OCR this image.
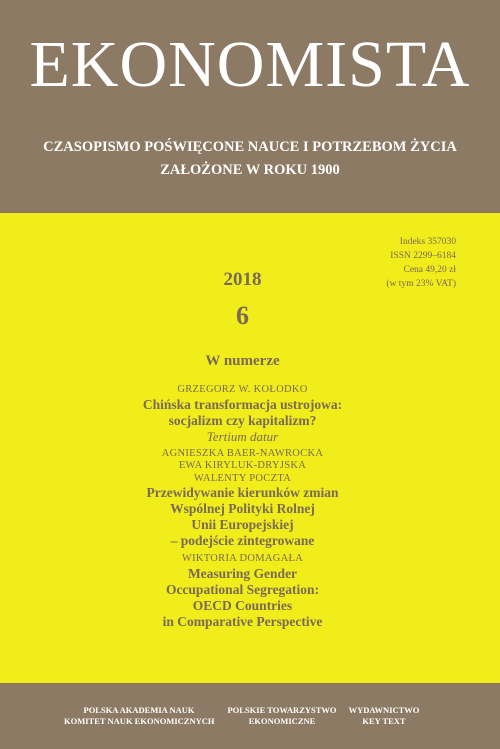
EKONOMISTA
CZASOPISMO POŚWIĘCONE NAUCE I POTRZEBOM ŻYCIA
ZAŁOŻONE W ROKU 1900
Indeks 357030
ISSN 2299–6184
Cena 49,20 zł
(w tym 23% VAT)
2018
6
W numerze
GRZEGORZ W. KOŁODKO
Chińska transformacja ustrojowa:
socjalizm czy kapitalizm?
Tertium datur
AGNIESZKA BAER-NAWROCKA
EWA KIRYLUK-DRYJSKA
WALENTY POCZTA
Przewidywanie kierunków zmian
Wspólnej Polityki Rolnej
Unii Europejskiej
– podejście zintegrowane
WIKTORIA DOMAGAŁA
Measuring Gender
Occupational Segregation:
OECD Countries
in Comparative Perspective
POLSKA AKADEMIA NAUK
KOMITET NAUK EKONOMICZNYCH
POLSKIE TOWARZYSTWO
EKONOMICZNE
WYDAWNICTWO
KEY TEXT
